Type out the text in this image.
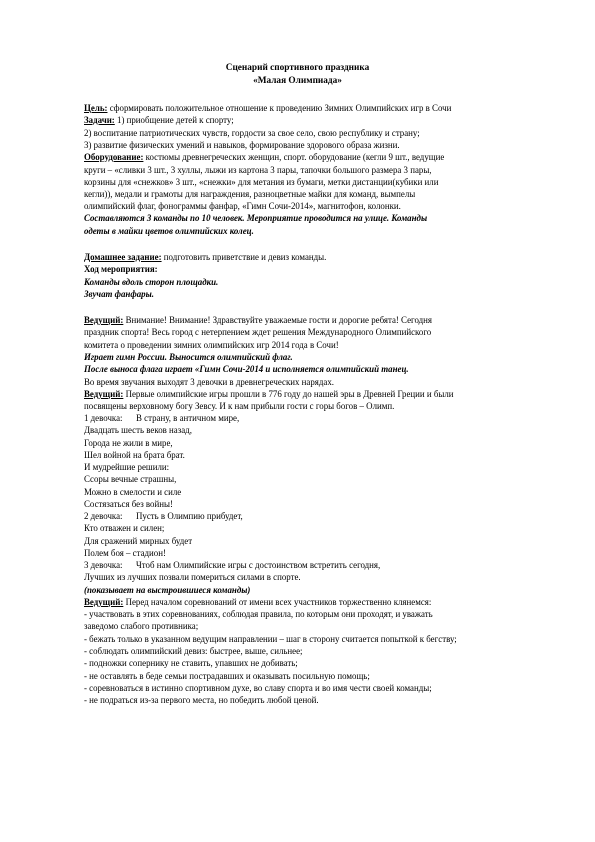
Сценарий спортивного праздника
«Малая Олимпиада»
Цель: сформировать положительное отношение к проведению Зимних Олимпийских игр в Сочи
Задачи: 1) приобщение детей к спорту;
2) воспитание патриотических чувств, гордости за свое село, свою республику и страну;
3) развитие физических умений и навыков, формирование здорового образа жизни.
Оборудование: костюмы древнегреческих женщин, спорт. оборудование (кегли 9 шт., ведущие
круги – «сливки 3 шт., 3 хуллы, лыжи из картона 3 пары, тапочки большого размера 3 пары,
корзины для «снежков» 3 шт., «снежки» для метания из бумаги, метки дистанции(кубики или
кегли)), медали и грамоты для награждения, разноцветные майки для команд, вымпелы
олимпийский флаг, фонограммы фанфар, «Гимн Сочи-2014», магнитофон, колонки.
Составляются 3 команды по 10 человек. Мероприятие проводится на улице. Команды
одеты в майки цветов олимпийских колец.
Домашнее задание: подготовить приветствие и девиз команды.
Ход мероприятия:
Команды вдоль сторон площадки.
Звучат фанфары.
Ведущий: Внимание! Внимание! Здравствуйте уважаемые гости и дорогие ребята! Сегодня
праздник спорта! Весь город с нетерпением ждет решения Международного Олимпийского
комитета о проведении зимних олимпийских игр 2014 года в Сочи!
Играет гимн России. Выносится олимпийский флаг.
После выноса флага играет «Гимн Сочи-2014 и исполняется олимпийский танец.
Во время звучания выходят 3 девочки в древнегреческих нарядах.
Ведущий: Первые олимпийские игры прошли в 776 году до нашей эры в Древней Греции и были
посвящены верховному богу Зевсу. И к нам прибыли гости с горы богов – Олимп.
1 девочка: В страну, в античном мире,
Двадцать шесть веков назад,
Города не жили в мире,
Шел войной на брата брат.
И мудрейшие решили:
Ссоры вечные страшны,
Можно в смелости и силе
Состязаться без войны!
2 девочка: Пусть в Олимпию прибудет,
Кто отважен и силен;
Для сражений мирных будет
Полем боя – стадион!
3 девочка: Чтоб нам Олимпийские игры с достоинством встретить сегодня,
Лучших из лучших позвали помериться силами в спорте.
(показывает на выстроившиеся команды)
Ведущий: Перед началом соревнований от имени всех участников торжественно клянемся:
- участвовать в этих соревнованиях, соблюдая правила, по которым они проходят, и уважать
заведомо слабого противника;
- бежать только в указанном ведущим направлении – шаг в сторону считается попыткой к бегству;
- соблюдать олимпийский девиз: быстрее, выше, сильнее;
- подножки сопернику не ставить, упавших не добивать;
- не оставлять в беде семьи пострадавших и оказывать посильную помощь;
- соревноваться в истинно спортивном духе, во славу спорта и во имя чести своей команды;
- не подраться из-за первого места, но победить любой ценой.
